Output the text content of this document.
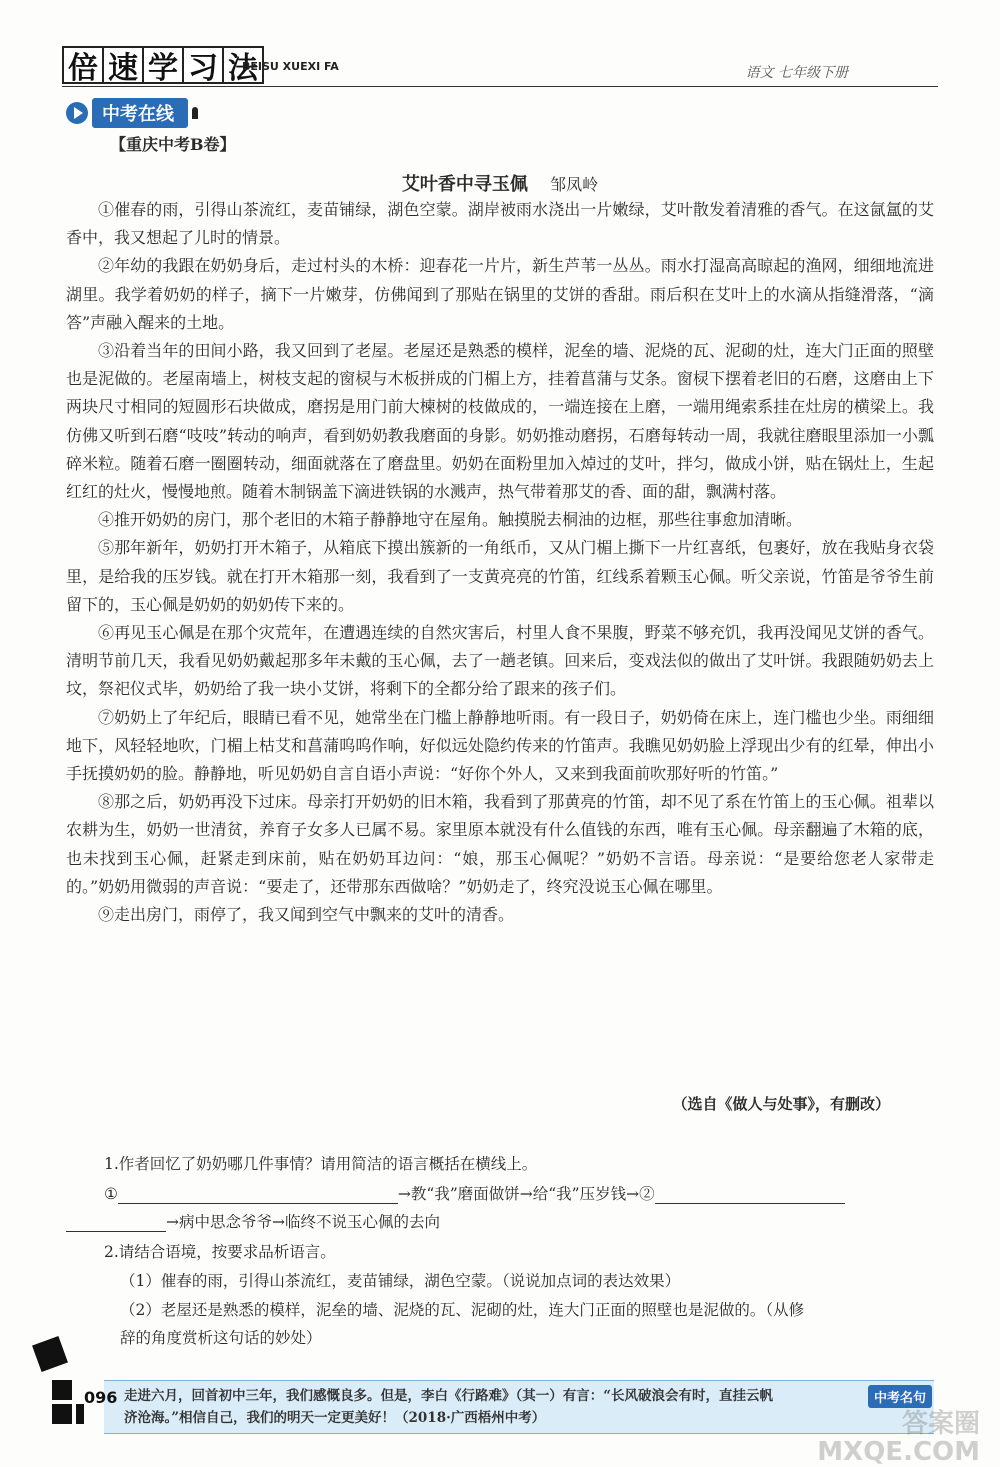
倍 速 学 习 法
BEISU XUEXI FA	语文 七年级下册
中考在线
【重庆中考B卷】
艾叶香中寻玉佩 邹凤岭

①催春的雨，引得山茶流红，麦苗铺绿，湖色空蒙。湖岸被雨水浇出一片嫩绿，艾叶散发着清雅的香气。在这氤氲的艾香中，我又想起了儿时的情景。

②年幼的我跟在奶奶身后，走过村头的木桥：迎春花一片片，新生芦苇一丛丛。雨水打湿高高晾起的渔网，细细地流进湖里。我学着奶奶的样子，摘下一片嫩芽，仿佛闻到了那贴在锅里的艾饼的香甜。雨后积在艾叶上的水滴从指缝滑落，“滴答”声融入醒来的土地。

③沿着当年的田间小路，我又回到了老屋。老屋还是熟悉的模样，泥垒的墙、泥烧的瓦、泥砌的灶，连大门正面的照壁也是泥做的。老屋南墙上，树枝支起的窗棂与木板拼成的门楣上方，挂着菖蒲与艾条。窗棂下摆着老旧的石磨，这磨由上下两块尺寸相同的短圆形石块做成，磨拐是用门前大楝树的枝做成的，一端连接在上磨，一端用绳索系挂在灶房的横梁上。我仿佛又听到石磨“吱吱”转动的响声，看到奶奶教我磨面的身影。奶奶推动磨拐，石磨每转动一周，我就往磨眼里添加一小瓢碎米粒。随着石磨一圈圈转动，细面就落在了磨盘里。奶奶在面粉里加入焯过的艾叶，拌匀，做成小饼，贴在锅灶上，生起红红的灶火，慢慢地煎。随着木制锅盖下滴进铁锅的水溅声，热气带着那艾的香、面的甜，飘满村落。

④推开奶奶的房门，那个老旧的木箱子静静地守在屋角。触摸脱去桐油的边框，那些往事愈加清晰。

⑤那年新年，奶奶打开木箱子，从箱底下摸出簇新的一角纸币，又从门楣上撕下一片红喜纸，包裹好，放在我贴身衣袋里，是给我的压岁钱。就在打开木箱那一刻，我看到了一支黄亮亮的竹笛，红线系着颗玉心佩。听父亲说，竹笛是爷爷生前留下的，玉心佩是奶奶的奶奶传下来的。

⑥再见玉心佩是在那个灾荒年，在遭遇连续的自然灾害后，村里人食不果腹，野菜不够充饥，我再没闻见艾饼的香气。清明节前几天，我看见奶奶戴起那多年未戴的玉心佩，去了一趟老镇。回来后，变戏法似的做出了艾叶饼。我跟随奶奶去上坟，祭祀仪式毕，奶奶给了我一块小艾饼，将剩下的全都分给了跟来的孩子们。

⑦奶奶上了年纪后，眼睛已看不见，她常坐在门槛上静静地听雨。有一段日子，奶奶倚在床上，连门槛也少坐。雨细细地下，风轻轻地吹，门楣上枯艾和菖蒲呜呜作响，好似远处隐约传来的竹笛声。我瞧见奶奶脸上浮现出少有的红晕，伸出小手抚摸奶奶的脸。静静地，听见奶奶自言自语小声说：“好你个外人，又来到我面前吹那好听的竹笛。”

⑧那之后，奶奶再没下过床。母亲打开奶奶的旧木箱，我看到了那黄亮的竹笛，却不见了系在竹笛上的玉心佩。祖辈以农耕为生，奶奶一世清贫，养育子女多人已属不易。家里原本就没有什么值钱的东西，唯有玉心佩。母亲翻遍了木箱的底，也未找到玉心佩，赶紧走到床前，贴在奶奶耳边问：“娘，那玉心佩呢？”奶奶不言语。母亲说：“是要给您老人家带走的。”奶奶用微弱的声音说：“要走了，还带那东西做啥？”奶奶走了，终究没说玉心佩在哪里。

⑨走出房门，雨停了，我又闻到空气中飘来的艾叶的清香。

（选自《做人与处事》，有删改）
1.作者回忆了奶奶哪几件事情？请用简洁的语言概括在横线上。
①	→教“我”磨面做饼→给“我”压岁钱→②
→病中思念爷爷→临终不说玉心佩的去向
2.请结合语境，按要求品析语言。
（1）催春的雨，引得山茶流红，麦苗铺绿，湖色空蒙。（说说加点词的表达效果）
（2）老屋还是熟悉的模样，泥垒的墙、泥烧的瓦、泥砌的灶，连大门正面的照壁也是泥做的。（从修
辞的角度赏析这句话的妙处）
走进六月，回首初中三年，我们感慨良多。但是，李白《行路难》（其一）有言：“长风破浪会有时，直挂云帆
济沧海。”相信自己，我们的明天一定更美好！（2018·广西梧州中考）
中考名句
096
答案圈
MXQE.COM
